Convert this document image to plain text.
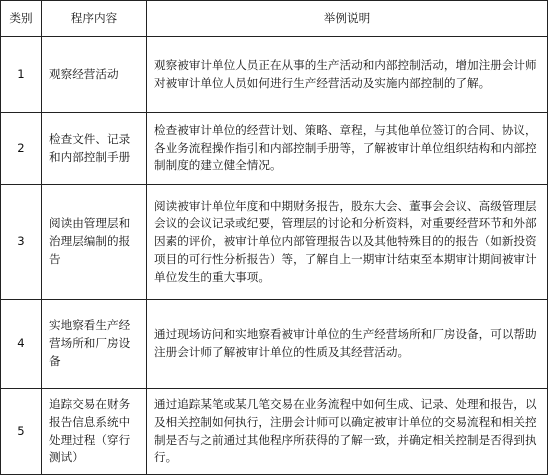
类别	程序内容	举例说明
1	观察经营活动	观察被审计单位人员正在从事的生产活动和内部控制活动，增加注册会计师对被审计单位人员如何进行生产经营活动及实施内部控制的了解。
2	检查文件、记录和内部控制手册	检查被审计单位的经营计划、策略、章程，与其他单位签订的合同、协议，各业务流程操作指引和内部控制手册等，了解被审计单位组织结构和内部控制制度的建立健全情况。
3	阅读由管理层和治理层编制的报告	阅读被审计单位年度和中期财务报告，股东大会、董事会会议、高级管理层会议的会议记录或纪要，管理层的讨论和分析资料，对重要经营环节和外部因素的评价，被审计单位内部管理报告以及其他特殊目的的报告（如新投资项目的可行性分析报告）等，了解自上一期审计结束至本期审计期间被审计单位发生的重大事项。
4	实地察看生产经营场所和厂房设备	通过现场访问和实地察看被审计单位的生产经营场所和厂房设备，可以帮助注册会计师了解被审计单位的性质及其经营活动。
5	追踪交易在财务报告信息系统中处理过程（穿行测试）	通过追踪某笔或某几笔交易在业务流程中如何生成、记录、处理和报告，以及相关控制如何执行，注册会计师可以确定被审计单位的交易流程和相关控制是否与之前通过其他程序所获得的了解一致，并确定相关控制是否得到执行。
